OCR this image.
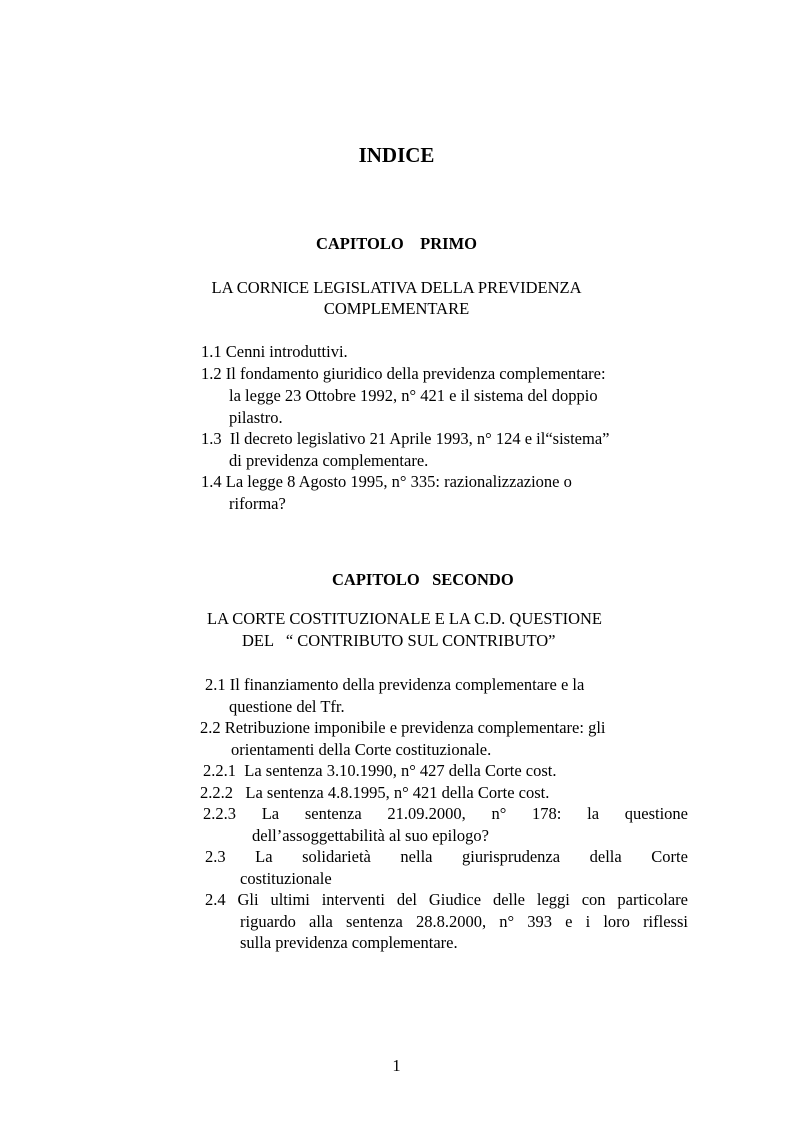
INDICE
CAPITOLO    PRIMO
LA CORNICE LEGISLATIVA DELLA PREVIDENZA
COMPLEMENTARE
1.1 Cenni introduttivi.
1.2 Il fondamento giuridico della previdenza complementare:
la legge 23 Ottobre 1992, n° 421 e il sistema del doppio
pilastro.
1.3  Il decreto legislativo 21 Aprile 1993, n° 124 e il“sistema”
di previdenza complementare.
1.4 La legge 8 Agosto 1995, n° 335: razionalizzazione o
riforma?
CAPITOLO   SECONDO
LA CORTE COSTITUZIONALE E LA C.D. QUESTIONE
DEL   “ CONTRIBUTO SUL CONTRIBUTO”
2.1 Il finanziamento della previdenza complementare e la
questione del Tfr.
2.2 Retribuzione imponibile e previdenza complementare: gli
orientamenti della Corte costituzionale.
2.2.1  La sentenza 3.10.1990, n° 427 della Corte cost.
2.2.2   La sentenza 4.8.1995, n° 421 della Corte cost.
2.2.3 La sentenza 21.09.2000, n° 178: la questione
dell’assoggettabilità al suo epilogo?
2.3 La solidarietà nella giurisprudenza della Corte
costituzionale
2.4 Gli ultimi interventi del Giudice delle leggi con particolare
riguardo alla sentenza 28.8.2000, n° 393 e i loro riflessi
sulla previdenza complementare.
1
